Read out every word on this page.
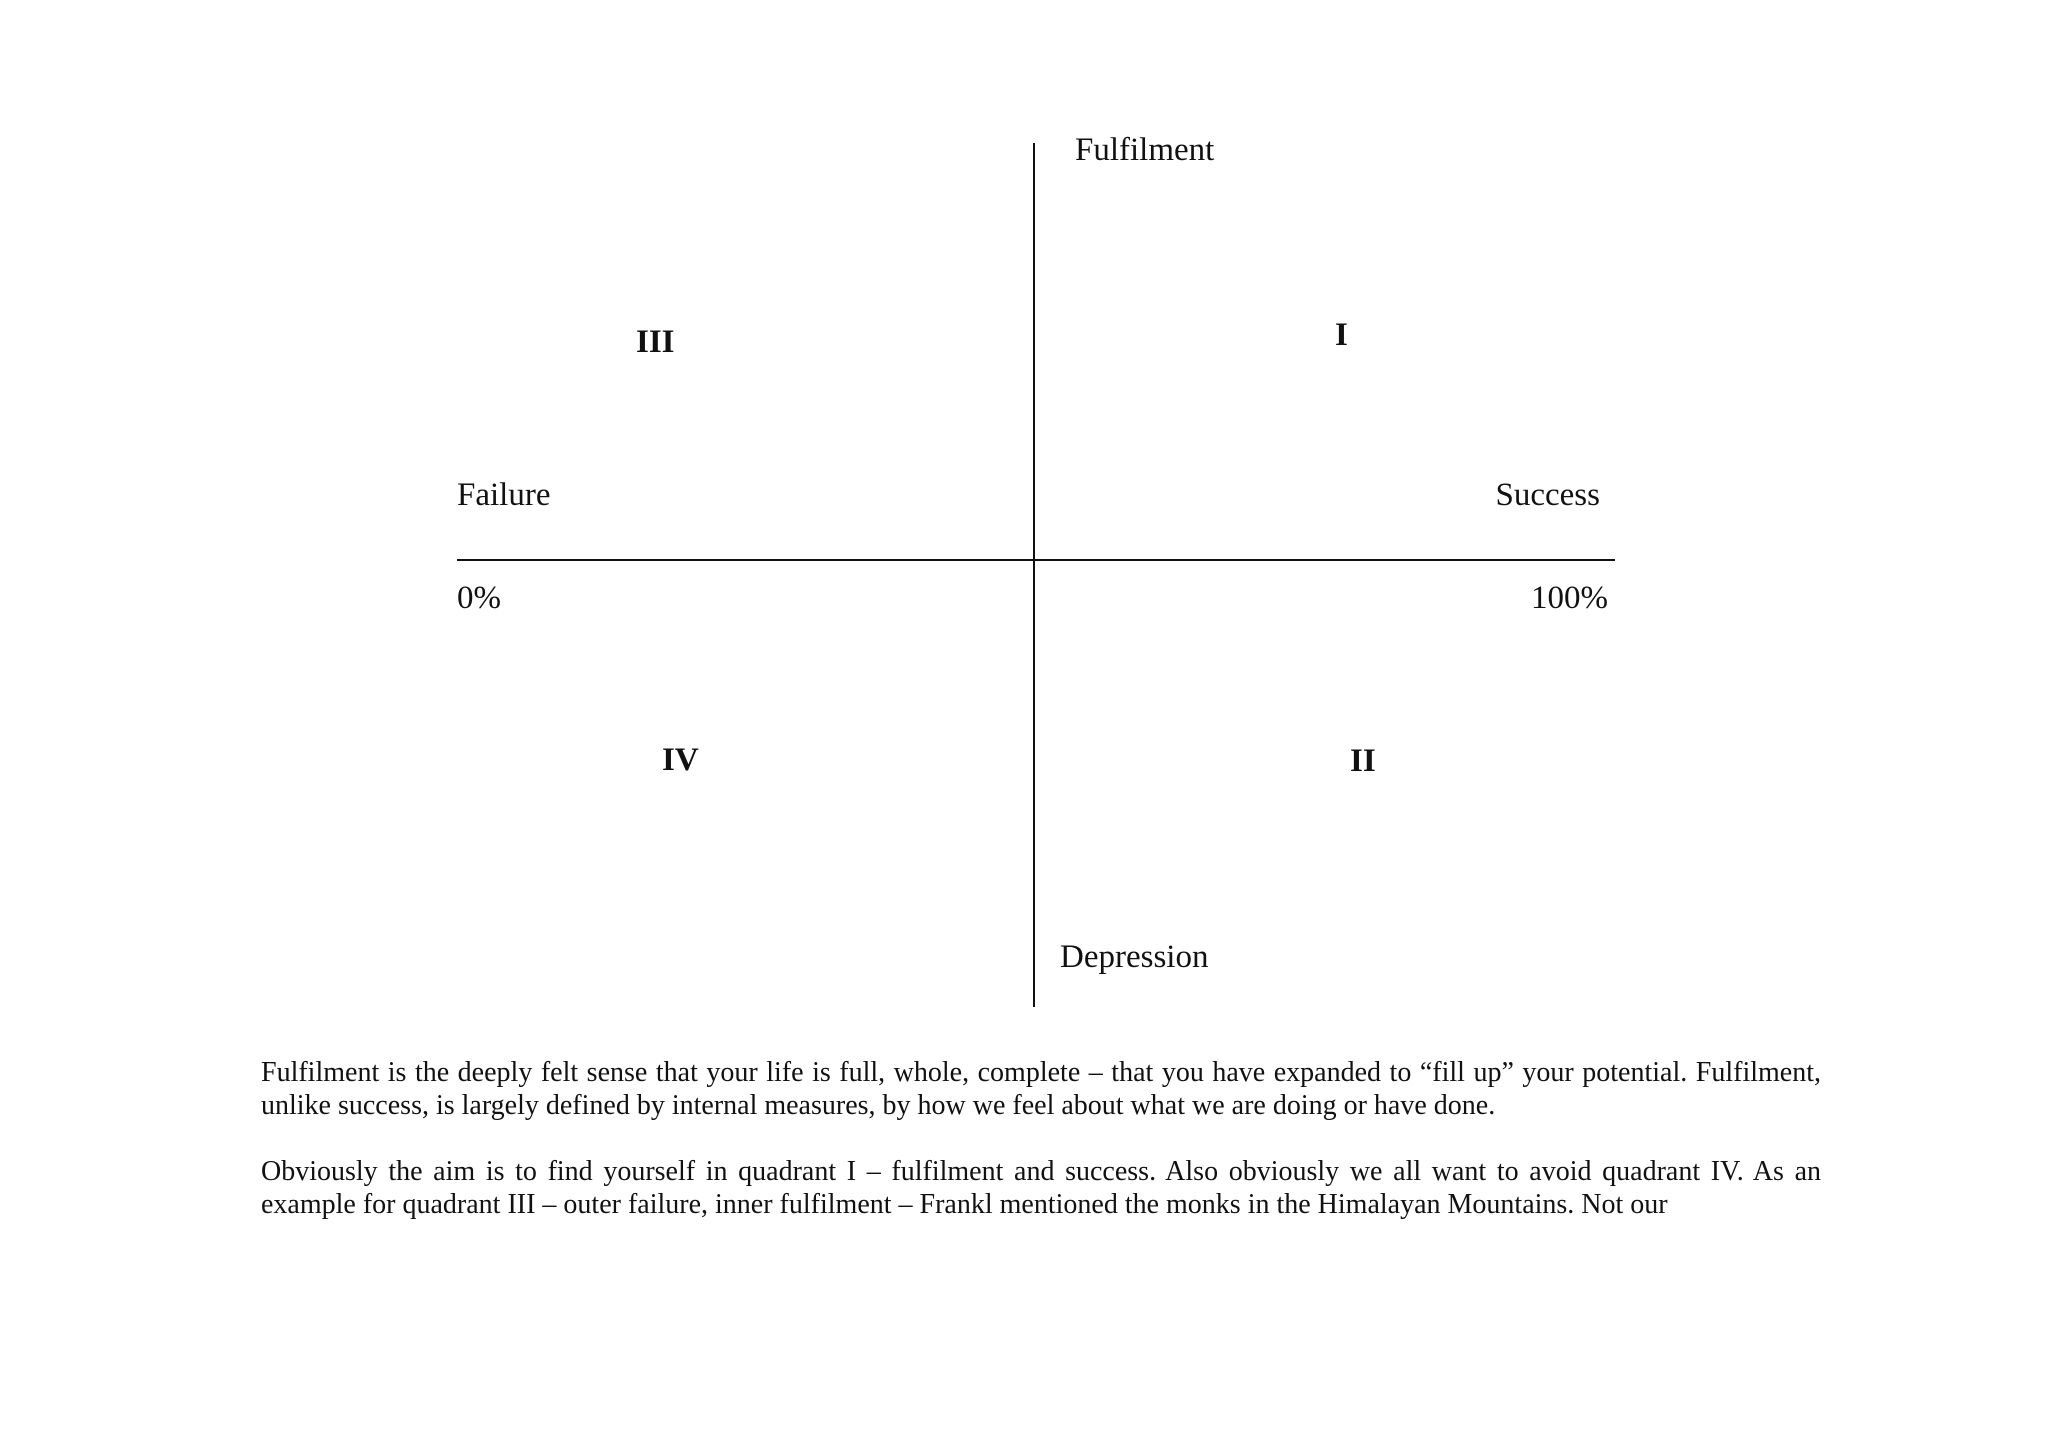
Fulfilment
Depression
Failure	Success
0%	100%
I
II
III
IV

Fulfilment is the deeply felt sense that your life is full, whole, complete – that you have expanded to “fill up” your potential. Fulfilment, unlike success, is largely defined by internal measures, by how we feel about what we are doing or have done.

Obviously the aim is to find yourself in quadrant I – fulfilment and success. Also obviously we all want to avoid quadrant IV. As an example for quadrant III – outer failure, inner fulfilment – Frankl mentioned the monks in the Himalayan Mountains. Not our
